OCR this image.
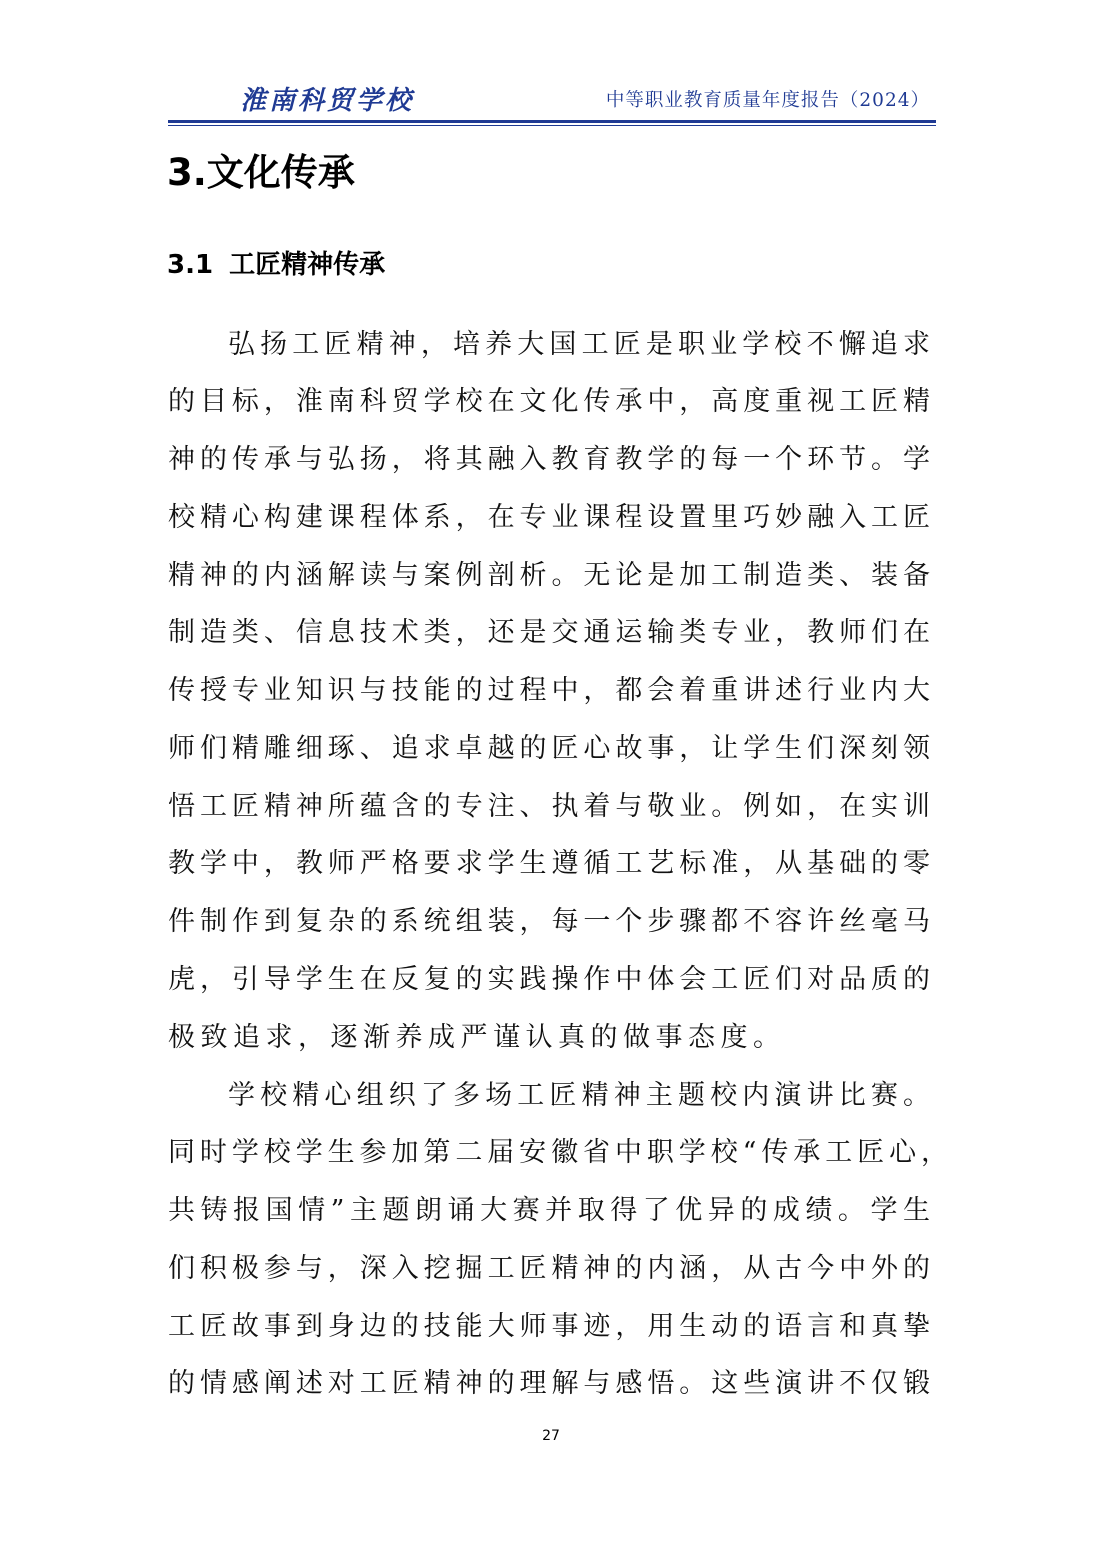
淮南科贸学校	中等职业教育质量年度报告（2024）
3.文化传承
3.1 工匠精神传承
弘扬工匠精神，培养大国工匠是职业学校不懈追求
的目标，淮南科贸学校在文化传承中，高度重视工匠精
神的传承与弘扬，将其融入教育教学的每一个环节。学
校精心构建课程体系，在专业课程设置里巧妙融入工匠
精神的内涵解读与案例剖析。无论是加工制造类、装备
制造类、信息技术类，还是交通运输类专业，教师们在
传授专业知识与技能的过程中，都会着重讲述行业内大
师们精雕细琢、追求卓越的匠心故事，让学生们深刻领
悟工匠精神所蕴含的专注、执着与敬业。例如，在实训
教学中，教师严格要求学生遵循工艺标准，从基础的零
件制作到复杂的系统组装，每一个步骤都不容许丝毫马
虎，引导学生在反复的实践操作中体会工匠们对品质的
极致追求，逐渐养成严谨认真的做事态度。
学校精心组织了多场工匠精神主题校内演讲比赛。
同时学校学生参加第二届安徽省中职学校“传承工匠心，
共铸报国情”主题朗诵大赛并取得了优异的成绩。学生
们积极参与，深入挖掘工匠精神的内涵，从古今中外的
工匠故事到身边的技能大师事迹，用生动的语言和真挚
的情感阐述对工匠精神的理解与感悟。这些演讲不仅锻
27
